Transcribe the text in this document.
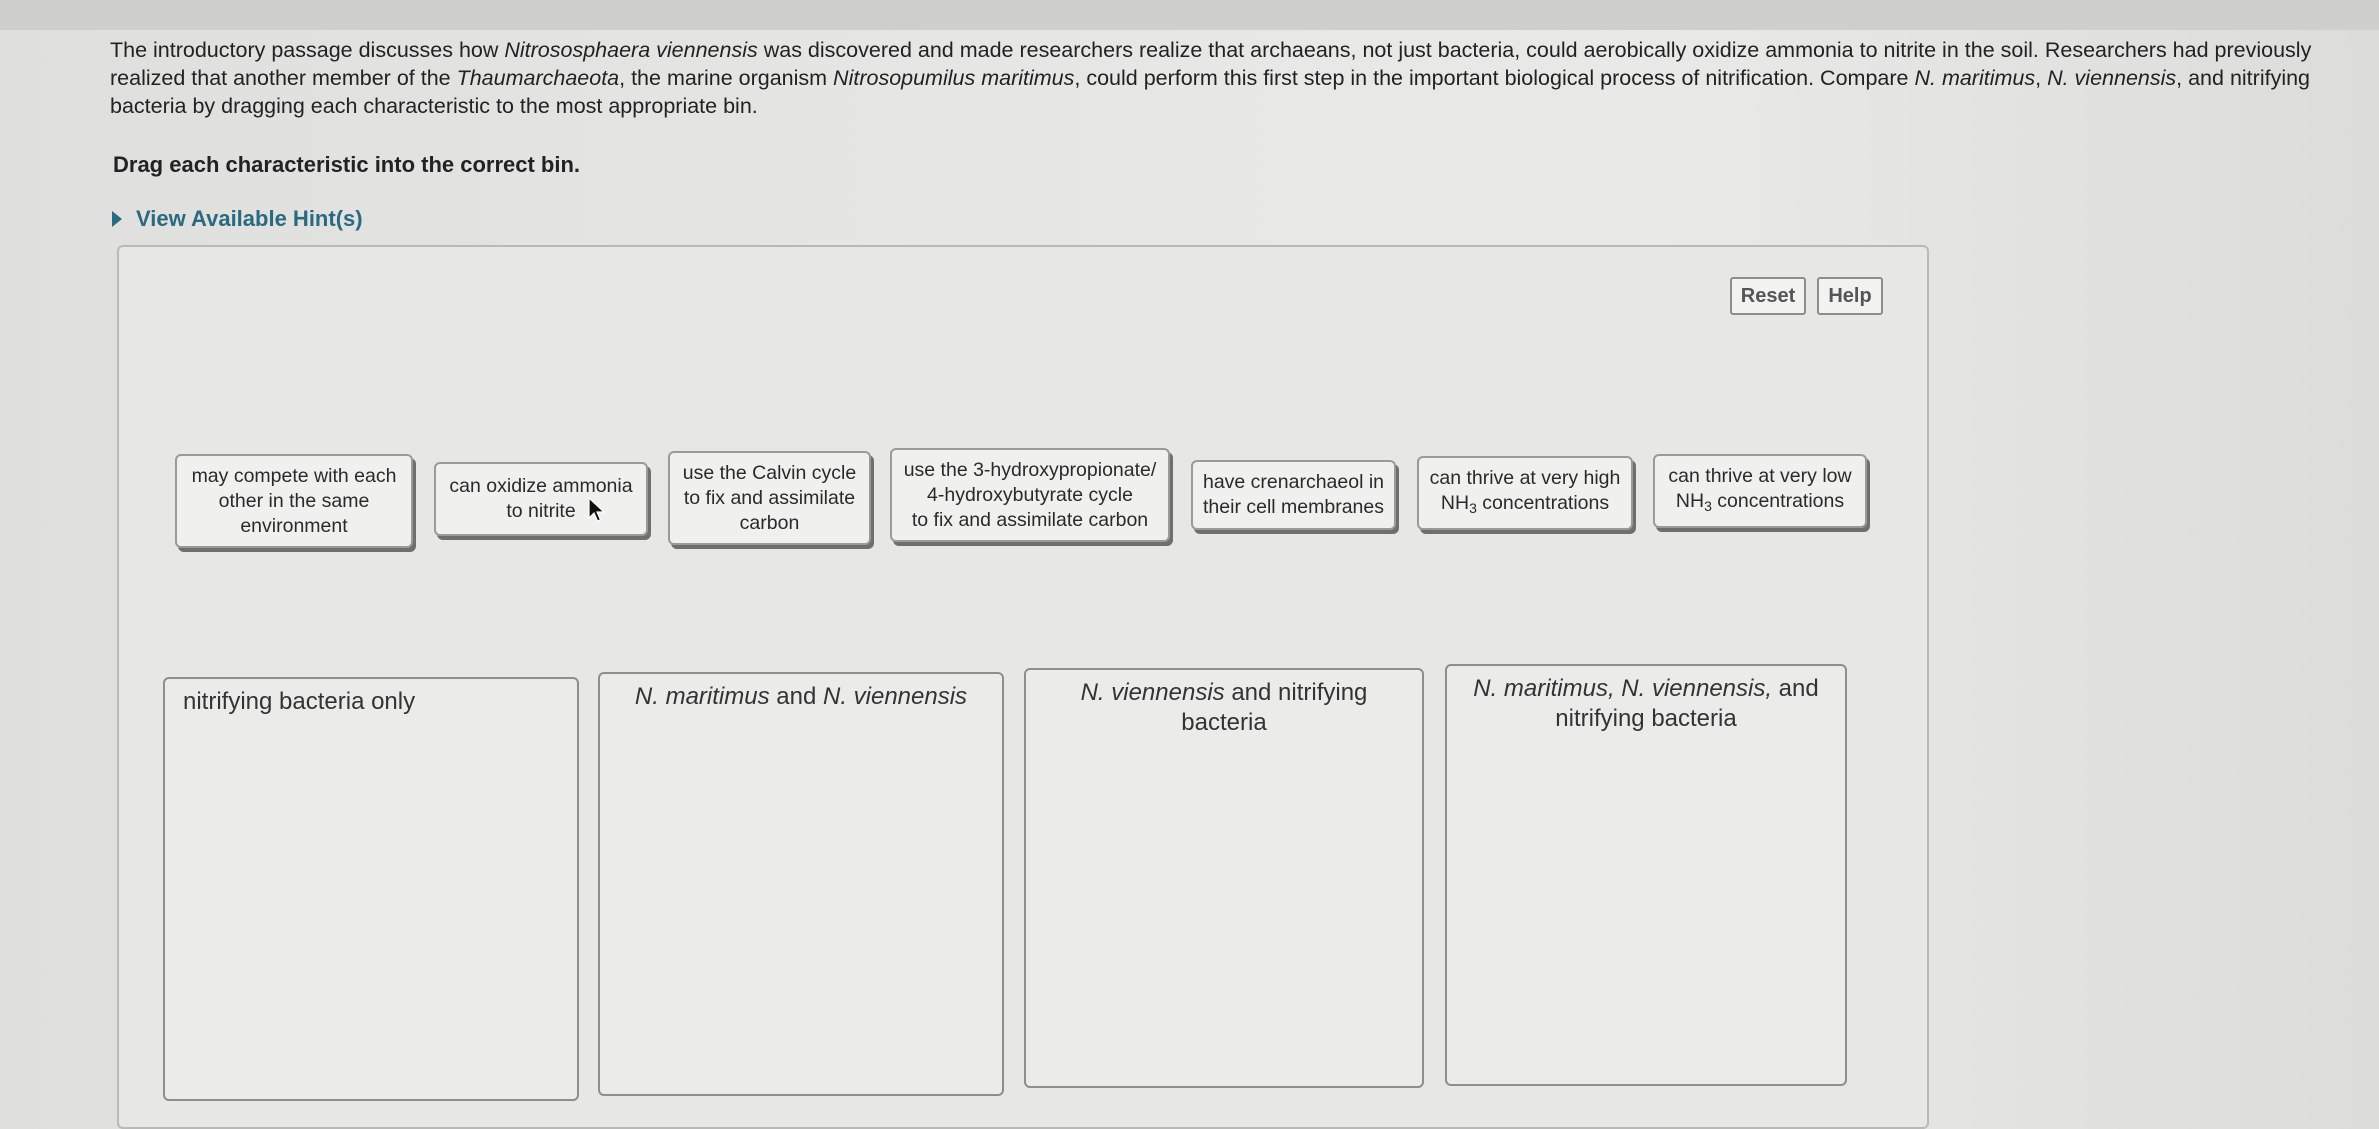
The introductory passage discusses how Nitrososphaera viennensis was discovered and made researchers realize that archaeans, not just bacteria, could aerobically oxidize ammonia to nitrite in the soil. Researchers had previously realized that another member of the Thaumarchaeota, the marine organism Nitrosopumilus maritimus, could perform this first step in the important biological process of nitrification. Compare N. maritimus, N. viennensis, and nitrifying bacteria by dragging each characteristic to the most appropriate bin.
Drag each characteristic into the correct bin.
View Available Hint(s)
Reset	Help
may compete with each
other in the same
environment
can oxidize ammonia
to nitrite
use the Calvin cycle
to fix and assimilate
carbon
use the 3-hydroxypropionate/
4-hydroxybutyrate cycle
to fix and assimilate carbon
have crenarchaeol in
their cell membranes
can thrive at very high
$NH_3$ concentrations
can thrive at very low
$NH_3$ concentrations
nitrifying bacteria only	N. maritimus and N. viennensis	N. viennensis and nitrifying bacteria
N. maritimus, N. viennensis, and nitrifying bacteria
